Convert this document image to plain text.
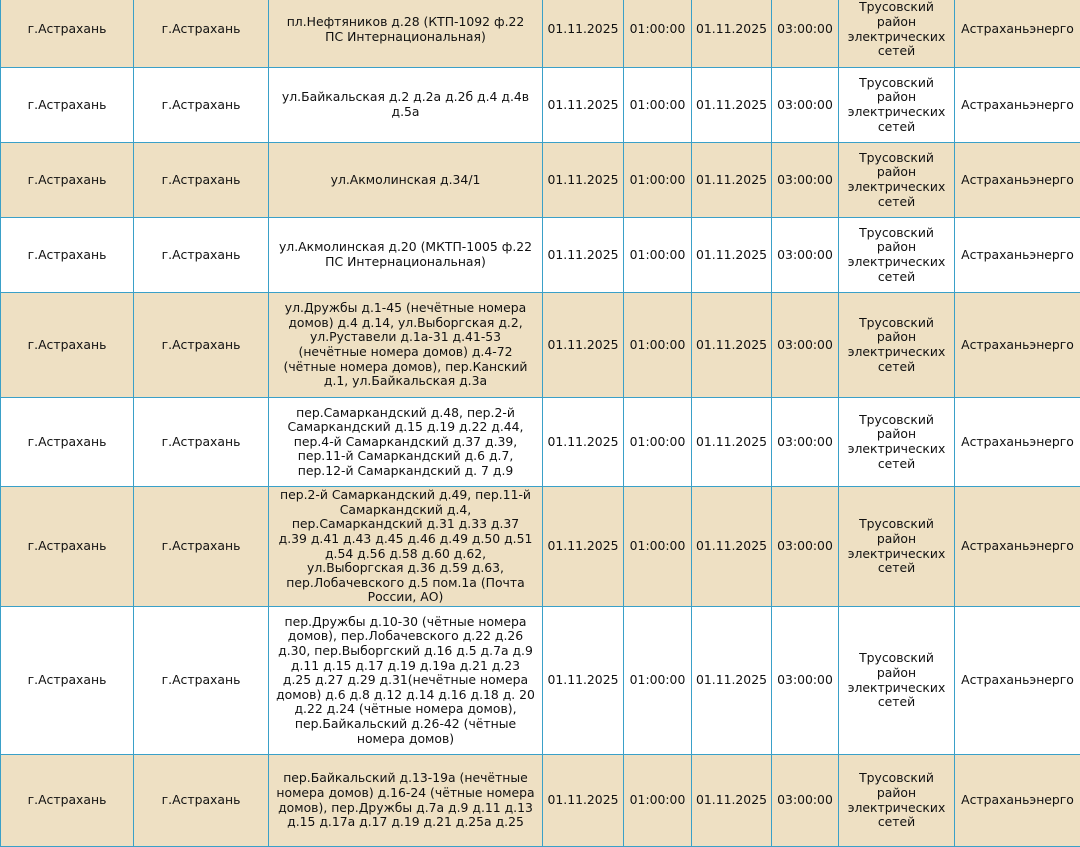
г.Астрахань	г.Астрахань	пл.Нефтяников д.28 (КТП-1092 ф.22 ПС Интернациональная)	01.11.2025	01:00:00	01.11.2025	03:00:00	Трусовский район электрических сетей	Астраханьэнерго
г.Астрахань	г.Астрахань	ул.Байкальская д.2 д.2а д.2б д.4 д.4в д.5а	01.11.2025	01:00:00	01.11.2025	03:00:00	Трусовский район электрических сетей	Астраханьэнерго
г.Астрахань	г.Астрахань	ул.Акмолинская д.34/1	01.11.2025	01:00:00	01.11.2025	03:00:00	Трусовский район электрических сетей	Астраханьэнерго
г.Астрахань	г.Астрахань	ул.Акмолинская д.20 (МКТП-1005 ф.22 ПС Интернациональная)	01.11.2025	01:00:00	01.11.2025	03:00:00	Трусовский район электрических сетей	Астраханьэнерго
г.Астрахань	г.Астрахань	ул.Дружбы д.1-45 (нечётные номера домов) д.4 д.14, ул.Выборгская д.2, ул.Руставели д.1а-31 д.41-53 (нечётные номера домов) д.4-72 (чётные номера домов), пер.Канский д.1, ул.Байкальская д.3а	01.11.2025	01:00:00	01.11.2025	03:00:00	Трусовский район электрических сетей	Астраханьэнерго
г.Астрахань	г.Астрахань	пер.Самаркандский д.48, пер.2-й Самаркандский д.15 д.19 д.22 д.44, пер.4-й Самаркандский д.37 д.39, пер.11-й Самаркандский д.6 д.7, пер.12-й Самаркандский д. 7 д.9	01.11.2025	01:00:00	01.11.2025	03:00:00	Трусовский район электрических сетей	Астраханьэнерго
г.Астрахань	г.Астрахань	пер.2-й Самаркандский д.49, пер.11-й Самаркандский д.4, пер.Самаркандский д.31 д.33 д.37 д.39 д.41 д.43 д.45 д.46 д.49 д.50 д.51 д.54 д.56 д.58 д.60 д.62, ул.Выборгская д.36 д.59 д.63, пер.Лобачевского д.5 пом.1а (Почта России, АО)	01.11.2025	01:00:00	01.11.2025	03:00:00	Трусовский район электрических сетей	Астраханьэнерго
г.Астрахань	г.Астрахань	пер.Дружбы д.10-30 (чётные номера домов), пер.Лобачевского д.22 д.26 д.30, пер.Выборгский д.16 д.5 д.7а д.9 д.11 д.15 д.17 д.19 д.19а д.21 д.23 д.25 д.27 д.29 д.31(нечётные номера домов) д.6 д.8 д.12 д.14 д.16 д.18 д. 20 д.22 д.24 (чётные номера домов), пер.Байкальский д.26-42 (чётные номера домов)	01.11.2025	01:00:00	01.11.2025	03:00:00	Трусовский район электрических сетей	Астраханьэнерго
г.Астрахань	г.Астрахань	пер.Байкальский д.13-19а (нечётные номера домов) д.16-24 (чётные номера домов), пер.Дружбы д.7а д.9 д.11 д.13 д.15 д.17а д.17 д.19 д.21 д.25а д.25	01.11.2025	01:00:00	01.11.2025	03:00:00	Трусовский район электрических сетей	Астраханьэнерго
